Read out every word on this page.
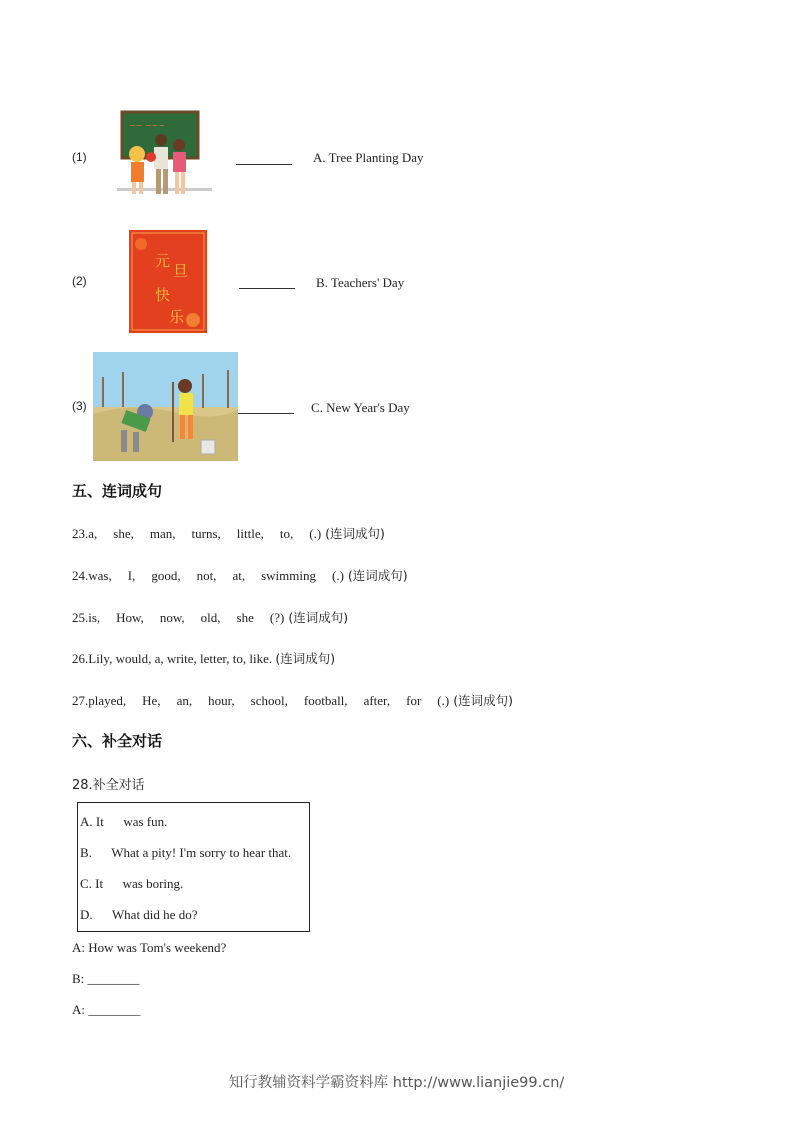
(1)
~~ ~~~
A. Tree Planting Day
(2)
元
旦
快
乐
B. Teachers' Day
(3)	C. New Year's Day
五、连词成句
23.a, she, man, turns, little, to, (.) (连词成句)
24.was, I, good, not, at, swimming (.) (连词成句)
25.is, How, now, old, she (?) (连词成句)
26.Lily, would, a, write, letter, to, like. (连词成句)
27.played, He, an, hour, school, football, after, for (.) (连词成句)
六、补全对话
28.补全对话
A. It      was fun.
B. What a pity! I'm sorry to hear that.
C. It      was boring.
D. What did he do?
A: How was Tom's weekend?
B: ________
A: ________
知行教辅资料学霸资料库 http://www.lianjie99.cn/
